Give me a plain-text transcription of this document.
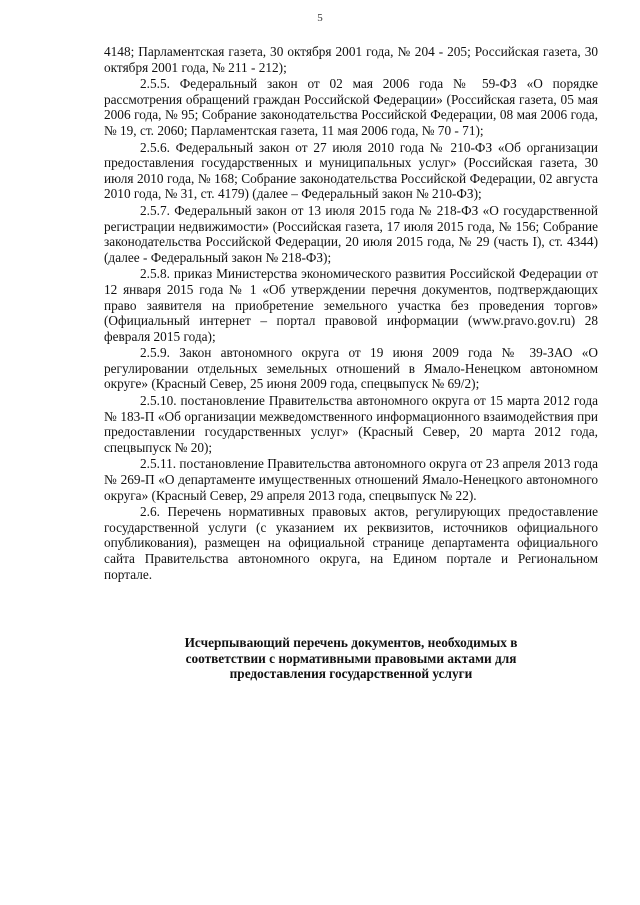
5

4148; Парламентская газета, 30 октября 2001 года, № 204 - 205; Российская газета, 30 октября 2001 года, № 211 - 212);

2.5.5. Федеральный закон от 02 мая 2006 года № 59-ФЗ «О порядке рассмотрения обращений граждан Российской Федерации» (Российская газета, 05 мая 2006 года, № 95; Собрание законодательства Российской Федерации, 08 мая 2006 года, № 19, ст. 2060; Парламентская газета, 11 мая 2006 года, № 70 - 71);

2.5.6. Федеральный закон от 27 июля 2010 года № 210-ФЗ «Об организации предоставления государственных и муниципальных услуг» (Российская газета, 30 июля 2010 года, № 168; Собрание законодательства Российской Федерации, 02 августа 2010 года, № 31, ст. 4179) (далее – Федеральный закон № 210-ФЗ);

2.5.7. Федеральный закон от 13 июля 2015 года № 218-ФЗ «О государственной регистрации недвижимости» (Российская газета, 17 июля 2015 года, № 156; Собрание законодательства Российской Федерации, 20 июля 2015 года, № 29 (часть I), ст. 4344) (далее - Федеральный закон № 218-ФЗ);

2.5.8. приказ Министерства экономического развития Российской Федерации от 12 января 2015 года № 1 «Об утверждении перечня документов, подтверждающих право заявителя на приобретение земельного участка без проведения торгов» (Официальный интернет – портал правовой информации (www.pravo.gov.ru) 28 февраля 2015 года);

2.5.9. Закон автономного округа от 19 июня 2009 года № 39-ЗАО «О регулировании отдельных земельных отношений в Ямало-Ненецком автономном округе» (Красный Север, 25 июня 2009 года, спецвыпуск № 69/2);

2.5.10. постановление Правительства автономного округа от 15 марта 2012 года № 183-П «Об организации межведомственного информационного взаимодействия при предоставлении государственных услуг» (Красный Север, 20 марта 2012 года, спецвыпуск № 20);

2.5.11. постановление Правительства автономного округа от 23 апреля 2013 года № 269-П «О департаменте имущественных отношений Ямало-Ненецкого автономного округа» (Красный Север, 29 апреля 2013 года, спецвыпуск № 22).

2.6. Перечень нормативных правовых актов, регулирующих предоставление государственной услуги (с указанием их реквизитов, источников официального опубликования), размещен на официальной странице департамента официального сайта Правительства автономного округа, на Едином портале и Региональном портале.

Исчерпывающий перечень документов, необходимых в
соответствии с нормативными правовыми актами для
предоставления государственной услуги
